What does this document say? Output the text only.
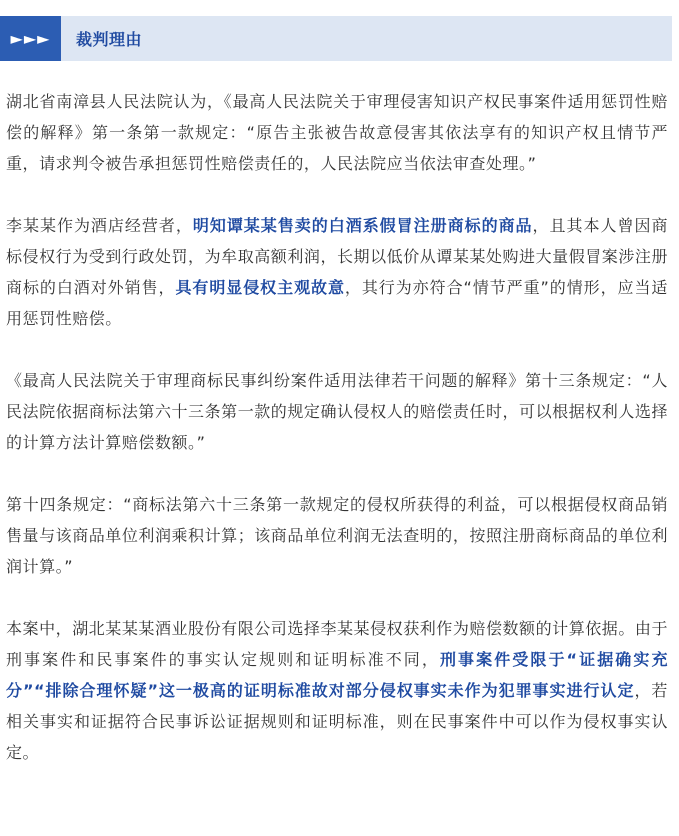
►►►	裁判理由

湖北省南漳县人民法院认为，《最高人民法院关于审理侵害知识产权民事案件适用惩罚性赔偿的解释》第一条第一款规定：“原告主张被告故意侵害其依法享有的知识产权且情节严重，请求判令被告承担惩罚性赔偿责任的，人民法院应当依法审查处理。”

李某某作为酒店经营者，明知谭某某售卖的白酒系假冒注册商标的商品，且其本人曾因商标侵权行为受到行政处罚，为牟取高额利润，长期以低价从谭某某处购进大量假冒案涉注册商标的白酒对外销售，具有明显侵权主观故意，其行为亦符合“情节严重”的情形，应当适用惩罚性赔偿。

《最高人民法院关于审理商标民事纠纷案件适用法律若干问题的解释》第十三条规定：“人民法院依据商标法第六十三条第一款的规定确认侵权人的赔偿责任时，可以根据权利人选择的计算方法计算赔偿数额。”

第十四条规定：“商标法第六十三条第一款规定的侵权所获得的利益，可以根据侵权商品销售量与该商品单位利润乘积计算；该商品单位利润无法查明的，按照注册商标商品的单位利润计算。”

本案中，湖北某某某酒业股份有限公司选择李某某侵权获利作为赔偿数额的计算依据。由于刑事案件和民事案件的事实认定规则和证明标准不同，刑事案件受限于“证据确实充分”“排除合理怀疑”这一极高的证明标准故对部分侵权事实未作为犯罪事实进行认定，若相关事实和证据符合民事诉讼证据规则和证明标准，则在民事案件中可以作为侵权事实认定。
